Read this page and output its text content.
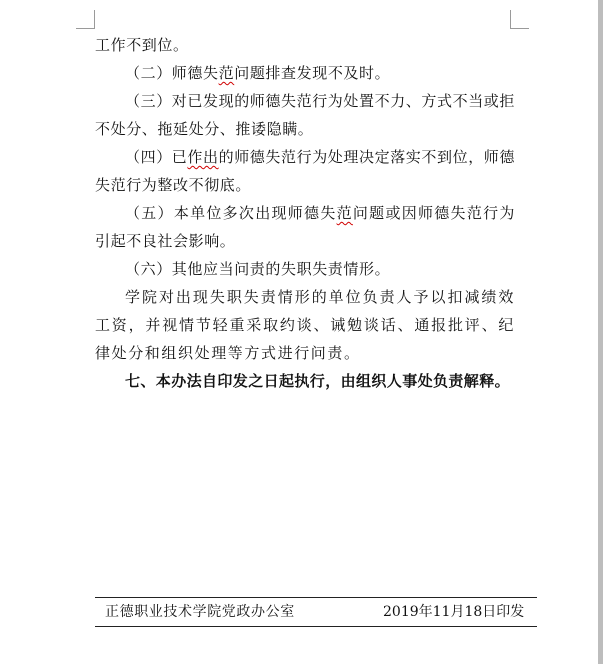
工作不到位。

（二）师德失范问题排查发现不及时。

（三）对已发现的师德失范行为处置不力、方式不当或拒不处分、拖延处分、推诿隐瞒。

（四）已作出的师德失范行为处理决定落实不到位，师德失范行为整改不彻底。

（五）本单位多次出现师德失范问题或因师德失范行为引起不良社会影响。

（六）其他应当问责的失职失责情形。

学院对出现失职失责情形的单位负责人予以扣减绩效工资，并视情节轻重采取约谈、诫勉谈话、通报批评、纪律处分和组织处理等方式进行问责。

七、本办法自印发之日起执行，由组织人事处负责解释。

正德职业技术学院党政办公室	2019年11月18日印发
